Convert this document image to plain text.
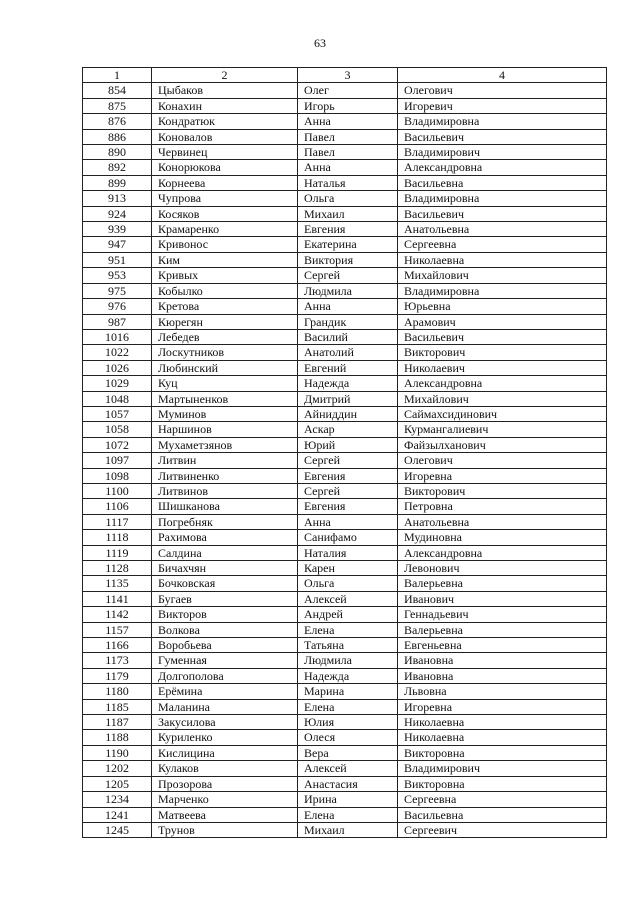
63
1	2	3	4
854	Цыбаков	Олег	Олегович
875	Конахин	Игорь	Игоревич
876	Кондратюк	Анна	Владимировна
886	Коновалов	Павел	Васильевич
890	Червинец	Павел	Владимирович
892	Конорюкова	Анна	Александровна
899	Корнеева	Наталья	Васильевна
913	Чупрова	Ольга	Владимировна
924	Косяков	Михаил	Васильевич
939	Крамаренко	Евгения	Анатольевна
947	Кривонос	Екатерина	Сергеевна
951	Ким	Виктория	Николаевна
953	Кривых	Сергей	Михайлович
975	Кобылко	Людмила	Владимировна
976	Кретова	Анна	Юрьевна
987	Кюрегян	Грандик	Арамович
1016	Лебедев	Василий	Васильевич
1022	Лоскутников	Анатолий	Викторович
1026	Любинский	Евгений	Николаевич
1029	Куц	Надежда	Александровна
1048	Мартыненков	Дмитрий	Михайлович
1057	Муминов	Айниддин	Саймахсидинович
1058	Наршинов	Аскар	Курмангалиевич
1072	Мухаметзянов	Юрий	Файзылханович
1097	Литвин	Сергей	Олегович
1098	Литвиненко	Евгения	Игоревна
1100	Литвинов	Сергей	Викторович
1106	Шишканова	Евгения	Петровна
1117	Погребняк	Анна	Анатольевна
1118	Рахимова	Санифамо	Мудиновна
1119	Салдина	Наталия	Александровна
1128	Бичахчян	Карен	Левонович
1135	Бочковская	Ольга	Валерьевна
1141	Бугаев	Алексей	Иванович
1142	Викторов	Андрей	Геннадьевич
1157	Волкова	Елена	Валерьевна
1166	Воробьева	Татьяна	Евгеньевна
1173	Гуменная	Людмила	Ивановна
1179	Долгополова	Надежда	Ивановна
1180	Ерёмина	Марина	Львовна
1185	Маланина	Елена	Игоревна
1187	Закусилова	Юлия	Николаевна
1188	Куриленко	Олеся	Николаевна
1190	Кислицина	Вера	Викторовна
1202	Кулаков	Алексей	Владимирович
1205	Прозорова	Анастасия	Викторовна
1234	Марченко	Ирина	Сергеевна
1241	Матвеева	Елена	Васильевна
1245	Трунов	Михаил	Сергеевич
